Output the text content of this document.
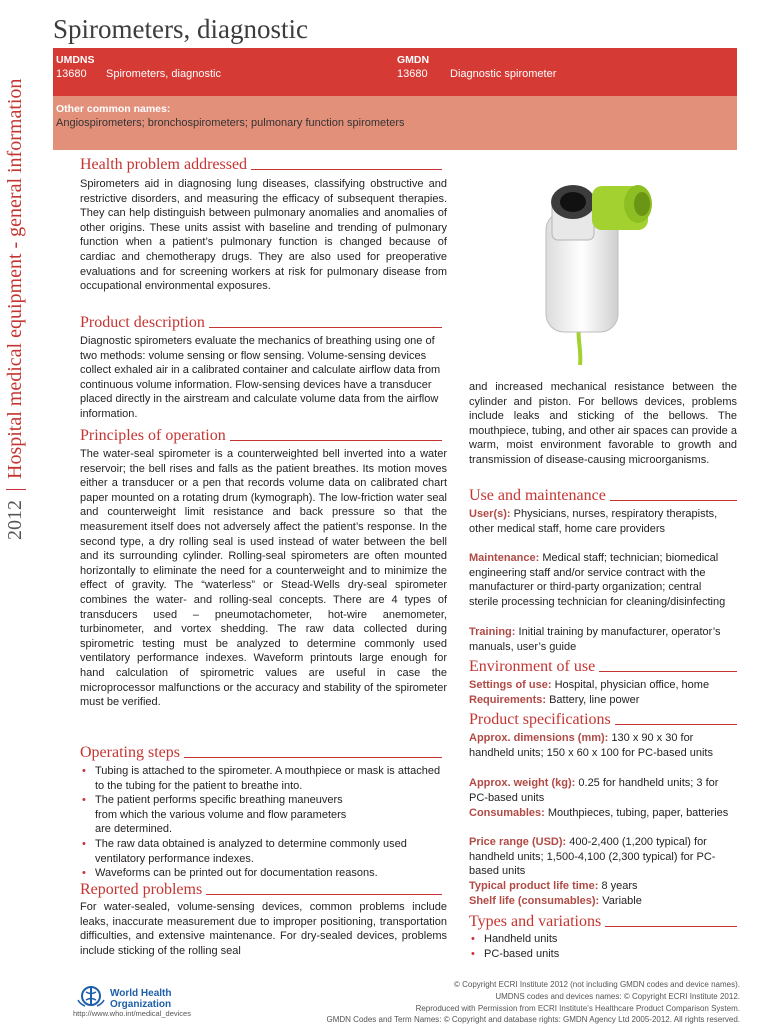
Spirometers, diagnostic
2012Hospital medical equipment - general information
UMDNS
13680 Spirometers, diagnostic
GMDN
13680 Diagnostic spirometer
Other common names:
Angiospirometers; bronchospirometers; pulmonary function spirometers
Health problem addressed
Spirometers aid in diagnosing lung diseases, classifying obstructive and restrictive disorders, and measuring the efficacy of subsequent therapies. They can help distinguish between pulmonary anomalies and anomalies of other origins. These units assist with baseline and trending of pulmonary function when a patient’s pulmonary function is changed because of cardiac and chemotherapy drugs. They are also used for preoperative evaluations and for screening workers at risk for pulmonary disease from occupational environmental exposures.
Product description
Diagnostic spirometers evaluate the mechanics of breathing using one of two methods: volume sensing or flow sensing. Volume-sensing devices collect exhaled air in a calibrated container and calculate airflow data from continuous volume information. Flow-sensing devices have a transducer placed directly in the airstream and calculate volume data from the airflow information.
Principles of operation
The water-seal spirometer is a counterweighted bell inverted into a water reservoir; the bell rises and falls as the patient breathes. Its motion moves either a transducer or a pen that records volume data on calibrated chart paper mounted on a rotating drum (kymograph). The low-friction water seal and counterweight limit resistance and back pressure so that the measurement itself does not adversely affect the patient’s response. In the second type, a dry rolling seal is used instead of water between the bell and its surrounding cylinder. Rolling-seal spirometers are often mounted horizontally to eliminate the need for a counterweight and to minimize the effect of gravity. The “waterless” or Stead-Wells dry-seal spirometer combines the water- and rolling-seal concepts. There are 4 types of transducers used – pneumotachometer, hot-wire anemometer, turbinometer, and vortex shedding. The raw data collected during spirometric testing must be analyzed to determine commonly used ventilatory performance indexes. Waveform printouts large enough for hand calculation of spirometric values are useful in case the microprocessor malfunctions or the accuracy and stability of the spirometer must be verified.
Operating steps
• Tubing is attached to the spirometer. A mouthpiece or mask is attached to the tubing for the patient to breathe into.
• The patient performs specific breathing maneuvers from which the various volume and flow parameters are determined.
• The raw data obtained is analyzed to determine commonly used ventilatory performance indexes.
• Waveforms can be printed out for documentation reasons.
Reported problems
For water-sealed, volume-sensing devices, common problems include leaks, inaccurate measurement due to improper positioning, transportation difficulties, and extensive maintenance. For dry-sealed devices, problems include sticking of the rolling seal
and increased mechanical resistance between the cylinder and piston. For bellows devices, problems include leaks and sticking of the bellows. The mouthpiece, tubing, and other air spaces can provide a warm, moist environment favorable to growth and transmission of disease-causing microorganisms.
Use and maintenance
User(s): Physicians, nurses, respiratory therapists, other medical staff, home care providers
Maintenance: Medical staff; technician; biomedical engineering staff and/or service contract with the manufacturer or third-party organization; central sterile processing technician for cleaning/disinfecting
Training: Initial training by manufacturer, operator’s manuals, user’s guide
Environment of use
Settings of use: Hospital, physician office, home
Requirements: Battery, line power
Product specifications
Approx. dimensions (mm): 130 x 90 x 30 for handheld units; 150 x 60 x 100 for PC-based units
Approx. weight (kg): 0.25 for handheld units; 3 for PC-based units
Consumables: Mouthpieces, tubing, paper, batteries
Price range (USD): 400-2,400 (1,200 typical) for handheld units; 1,500-4,100 (2,300 typical) for PC-based units
Typical product life time: 8 years
Shelf life (consumables): Variable
Types and variations
• Handheld units
• PC-based units
World Health
Organization
http://www.who.int/medical_devices
© Copyright ECRI Institute 2012 (not including GMDN codes and device names).
UMDNS codes and devices names: © Copyright ECRI Institute 2012.
Reproduced with Permission from ECRI Institute’s Healthcare Product Comparison System.
GMDN Codes and Term Names: © Copyright and database rights: GMDN Agency Ltd 2005-2012. All rights reserved.
